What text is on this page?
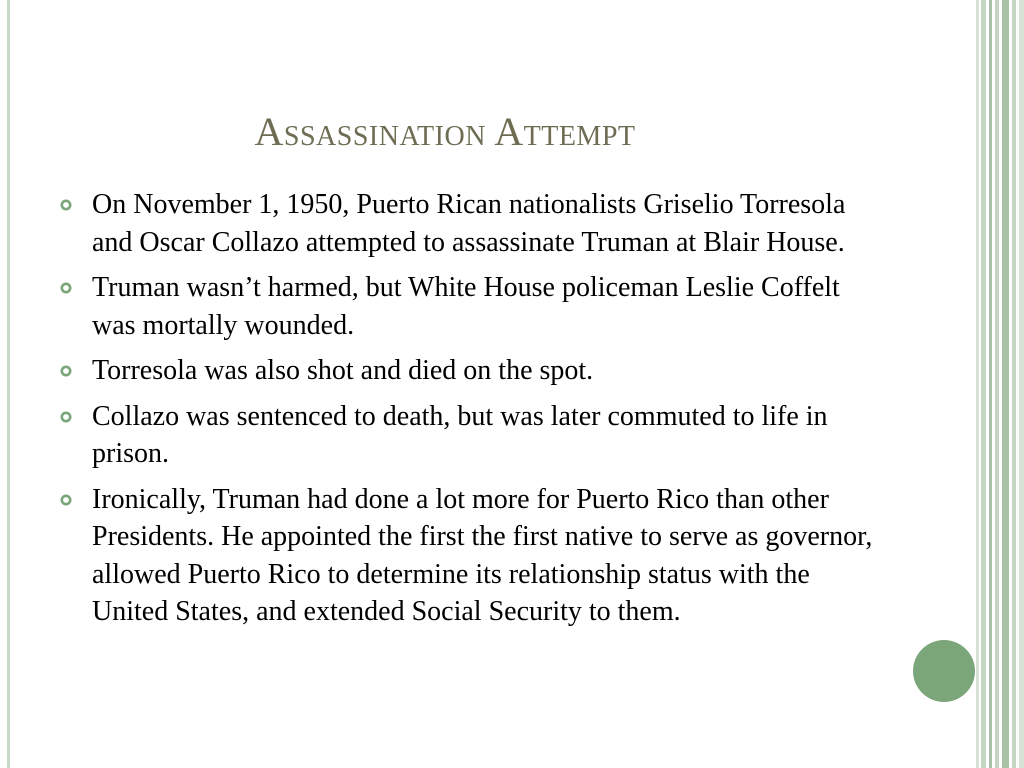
Assassination Attempt
On November 1, 1950, Puerto Rican nationalists Griselio Torresola and Oscar Collazo attempted to assassinate Truman at Blair House.
Truman wasn’t harmed, but White House policeman Leslie Coffelt was mortally wounded.
Torresola was also shot and died on the spot.
Collazo was sentenced to death, but was later commuted to life in prison.
Ironically, Truman had done a lot more for Puerto Rico than other Presidents. He appointed the first the first native to serve as governor, allowed Puerto Rico to determine its relationship status with the United States, and extended Social Security to them.
